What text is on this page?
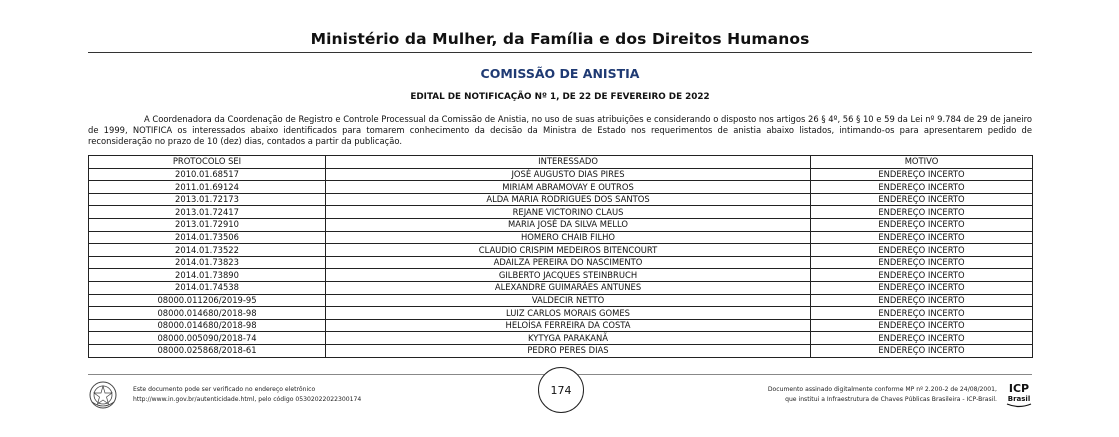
Ministério da Mulher, da Família e dos Direitos Humanos
COMISSÃO DE ANISTIA
EDITAL DE NOTIFICAÇÃO Nº 1, DE 22 DE FEVEREIRO DE 2022
A Coordenadora da Coordenação de Registro e Controle Processual da Comissão de Anistia, no uso de suas atribuições e considerando o disposto nos artigos 26 § 4º, 56 § 10 e 59 da Lei nº 9.784 de 29 de janeiro de 1999, NOTIFICA os interessados abaixo identificados para tomarem conhecimento da decisão da Ministra de Estado nos requerimentos de anistia abaixo listados, intimando-os para apresentarem pedido de reconsideração no prazo de 10 (dez) dias, contados a partir da publicação.
PROTOCOLO SEI	INTERESSADO	MOTIVO
2010.01.68517	JOSÉ AUGUSTO DIAS PIRES	ENDEREÇO INCERTO
2011.01.69124	MIRIAM ABRAMOVAY E OUTROS	ENDEREÇO INCERTO
2013.01.72173	ALDA MARIA RODRIGUES DOS SANTOS	ENDEREÇO INCERTO
2013.01.72417	REJANE VICTORINO CLAUS	ENDEREÇO INCERTO
2013.01.72910	MARIA JOSÉ DA SILVA MELLO	ENDEREÇO INCERTO
2014.01.73506	HOMERO CHAIB FILHO	ENDEREÇO INCERTO
2014.01.73522	CLAUDIO CRISPIM MEDEIROS BITENCOURT	ENDEREÇO INCERTO
2014.01.73823	ADAILZA PEREIRA DO NASCIMENTO	ENDEREÇO INCERTO
2014.01.73890	GILBERTO JACQUES STEINBRUCH	ENDEREÇO INCERTO
2014.01.74538	ALEXANDRE GUIMARÃES ANTUNES	ENDEREÇO INCERTO
08000.011206/2019-95	VALDECIR NETTO	ENDEREÇO INCERTO
08000.014680/2018-98	LUIZ CARLOS MORAIS GOMES	ENDEREÇO INCERTO
08000.014680/2018-98	HELOÍSA FERREIRA DA COSTA	ENDEREÇO INCERTO
08000.005090/2018-74	KYTYGA PARAKANÃ	ENDEREÇO INCERTO
08000.025868/2018-61	PEDRO PERES DIAS	ENDEREÇO INCERTO
Este documento pode ser verificado no endereço eletrônico
http://www.in.gov.br/autenticidade.html, pelo código 05302022022300174
174	Documento assinado digitalmente conforme MP nº 2.200-2 de 24/08/2001,
que institui a Infraestrutura de Chaves Públicas Brasileira - ICP-Brasil.
ICP
Brasil
